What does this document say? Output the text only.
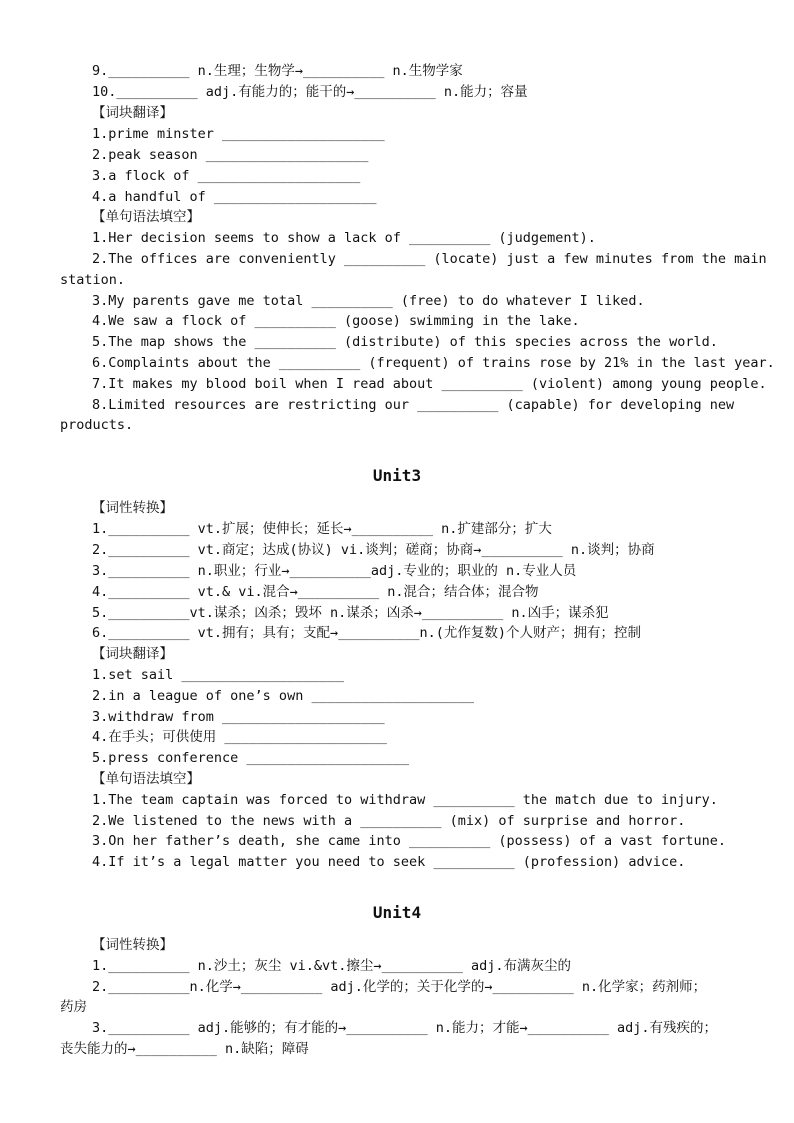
9.__________ n.生理；生物学→__________ n.生物学家
10.__________ adj.有能力的；能干的→__________ n.能力；容量
【词块翻译】
1.prime minster ____________________
2.peak season ____________________
3.a flock of ____________________
4.a handful of ____________________
【单句语法填空】
1.Her decision seems to show a lack of __________ (judgement).
2.The offices are conveniently __________ (locate) just a few minutes from the main
station.
3.My parents gave me total __________ (free) to do whatever I liked.
4.We saw a flock of __________ (goose) swimming in the lake.
5.The map shows the __________ (distribute) of this species across the world.
6.Complaints about the __________ (frequent) of trains rose by 21% in the last year.
7.It makes my blood boil when I read about __________ (violent) among young people.
8.Limited resources are restricting our __________ (capable) for developing new
products.
Unit3
【词性转换】
1.__________ vt.扩展；使伸长；延长→__________ n.扩建部分；扩大
2.__________ vt.商定；达成(协议) vi.谈判；磋商；协商→__________ n.谈判；协商
3.__________ n.职业；行业→__________adj.专业的；职业的 n.专业人员
4.__________ vt.& vi.混合→__________ n.混合；结合体；混合物
5.__________vt.谋杀；凶杀；毁坏 n.谋杀；凶杀→__________ n.凶手；谋杀犯
6.__________ vt.拥有；具有；支配→__________n.(尤作复数)个人财产；拥有；控制
【词块翻译】
1.set sail ____________________
2.in a league of one’s own ____________________
3.withdraw from ____________________
4.在手头；可供使用 ____________________
5.press conference ____________________
【单句语法填空】
1.The team captain was forced to withdraw __________ the match due to injury.
2.We listened to the news with a __________ (mix) of surprise and horror.
3.On her father’s death, she came into __________ (possess) of a vast fortune.
4.If it’s a legal matter you need to seek __________ (profession) advice.
Unit4
【词性转换】
1.__________ n.沙土；灰尘 vi.&vt.擦尘→__________ adj.布满灰尘的
2.__________n.化学→__________ adj.化学的；关于化学的→__________ n.化学家；药剂师；
药房
3.__________ adj.能够的；有才能的→__________ n.能力；才能→__________ adj.有残疾的；
丧失能力的→__________ n.缺陷；障碍
